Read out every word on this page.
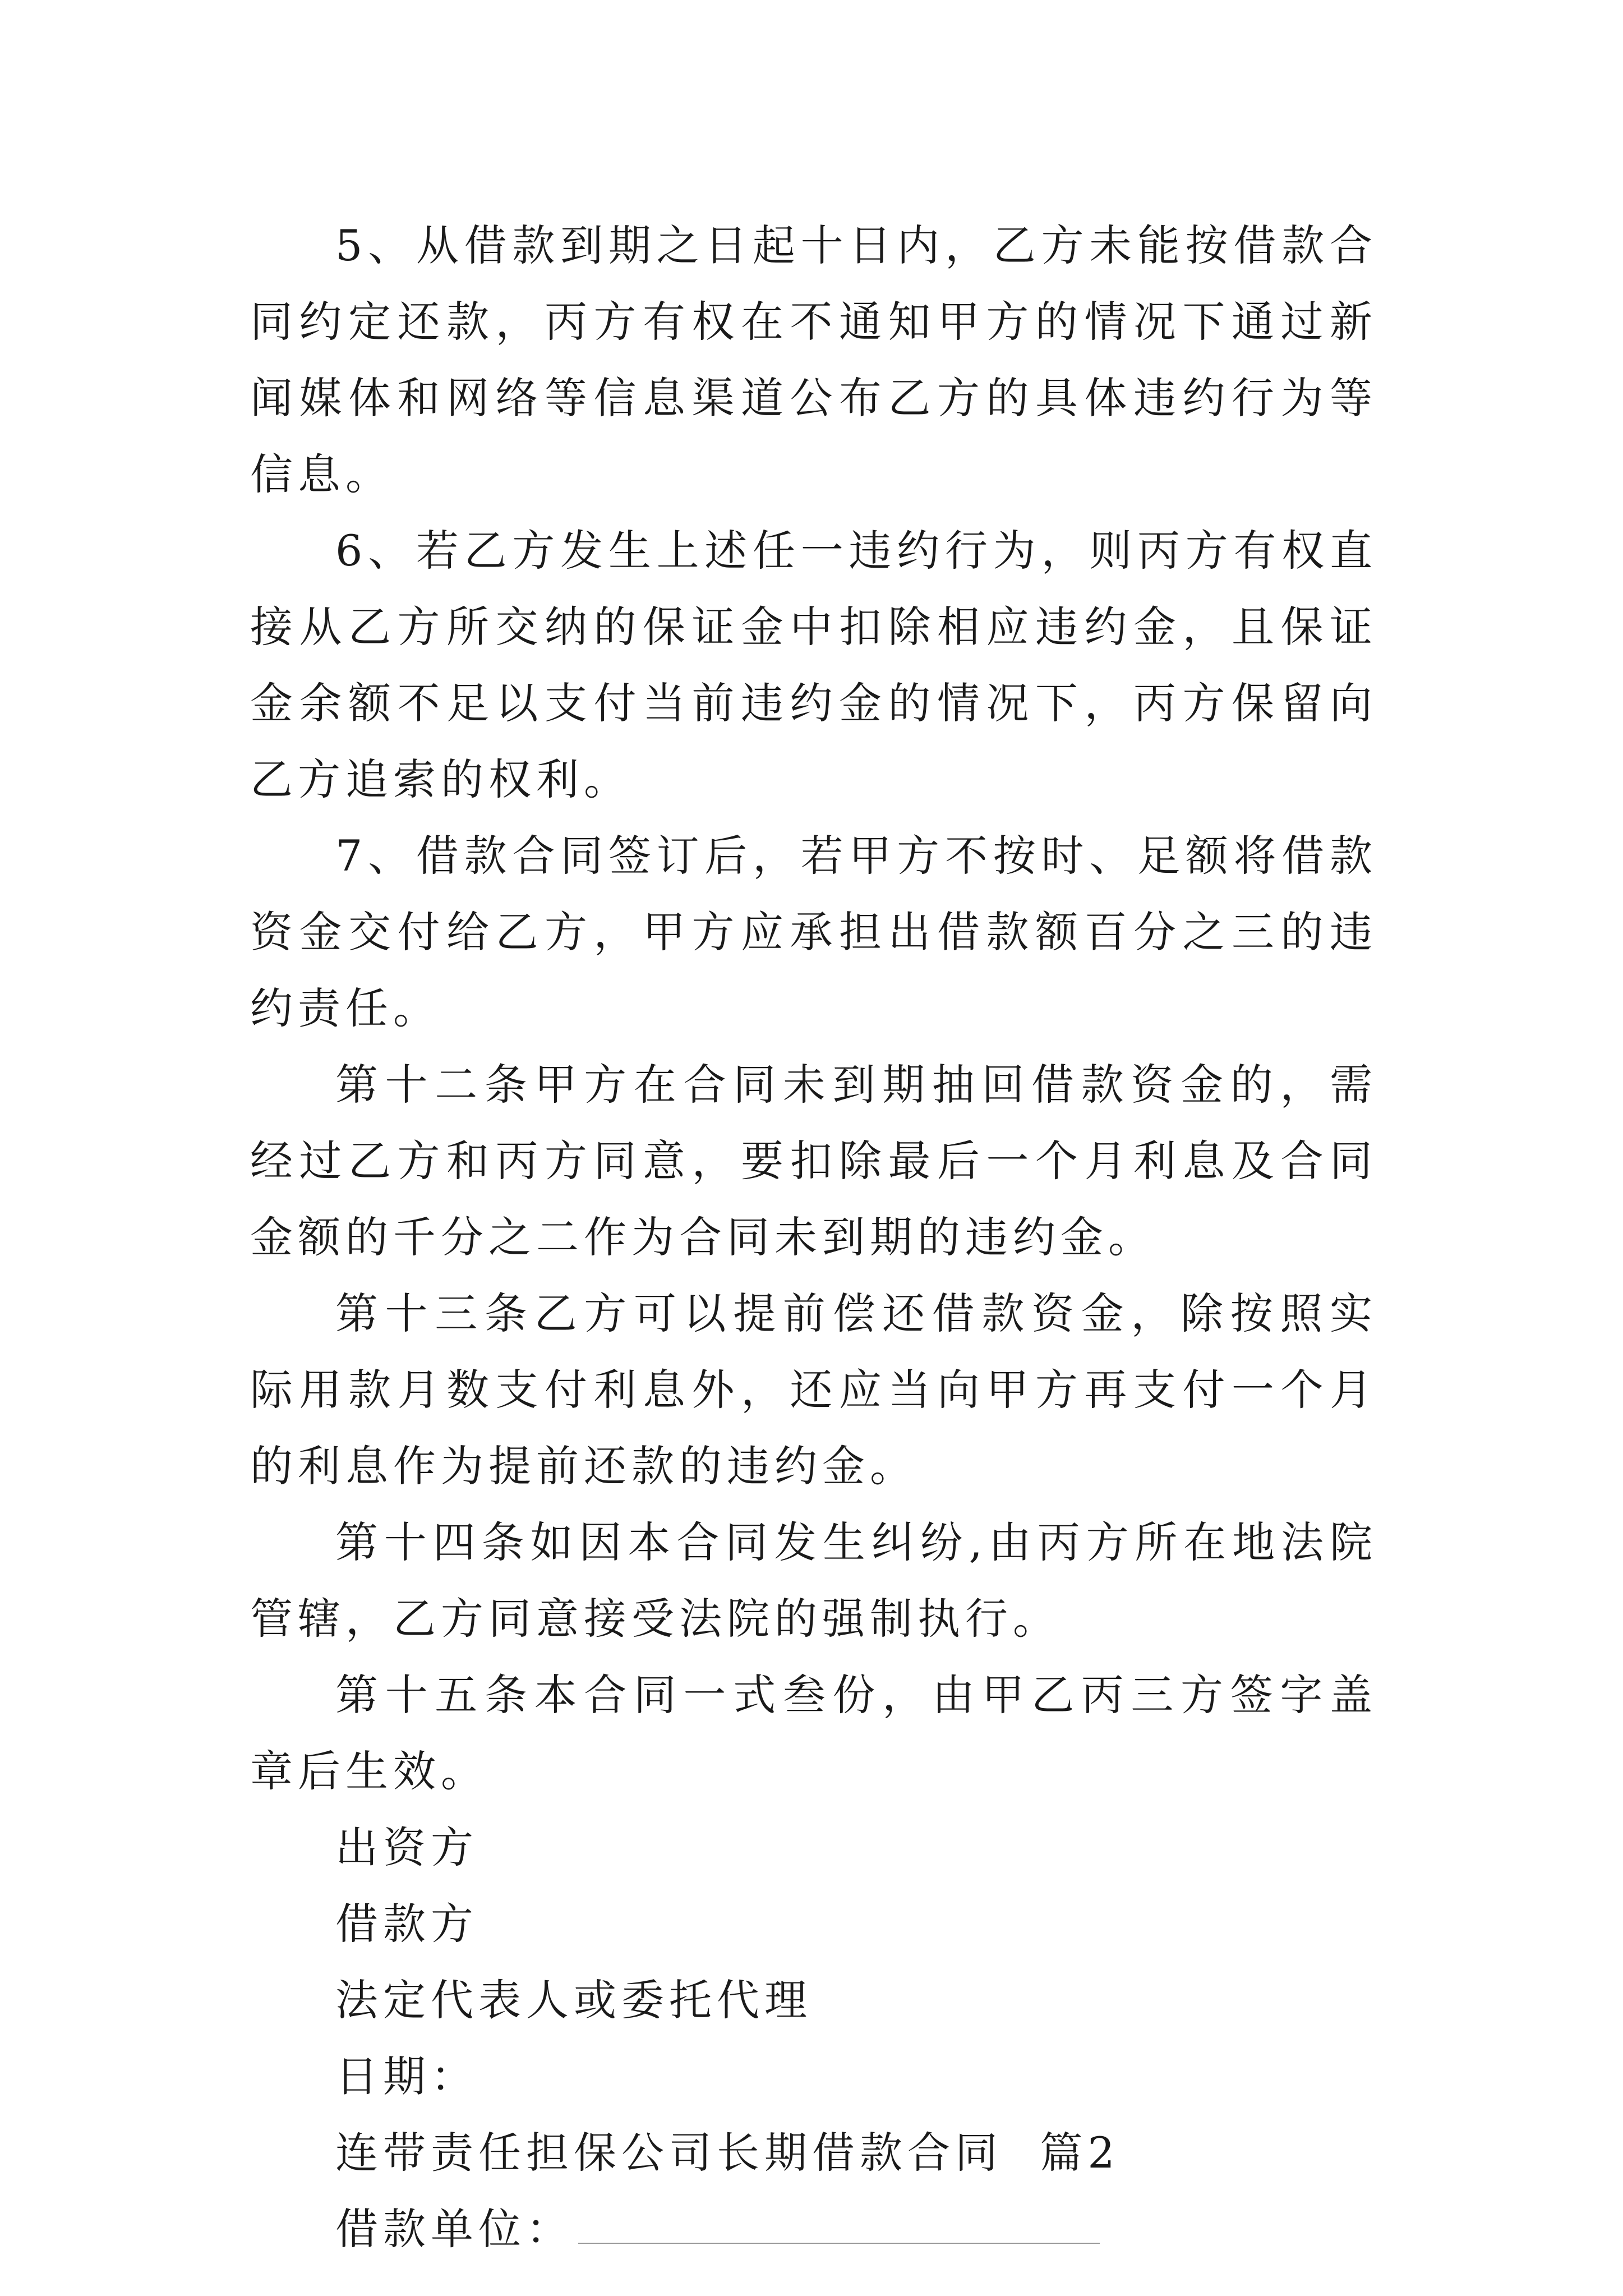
5、从借款到期之日起十日内，乙方未能按借款合同约定还款，丙方有权在不通知甲方的情况下通过新闻媒体和网络等信息渠道公布乙方的具体违约行为等信息。

6、若乙方发生上述任一违约行为，则丙方有权直接从乙方所交纳的保证金中扣除相应违约金，且保证金余额不足以支付当前违约金的情况下，丙方保留向乙方追索的权利。

7、借款合同签订后，若甲方不按时、足额将借款资金交付给乙方，甲方应承担出借款额百分之三的违约责任。

第十二条甲方在合同未到期抽回借款资金的，需经过乙方和丙方同意，要扣除最后一个月利息及合同金额的千分之二作为合同未到期的违约金。

第十三条乙方可以提前偿还借款资金，除按照实际用款月数支付利息外，还应当向甲方再支付一个月的利息作为提前还款的违约金。

第十四条如因本合同发生纠纷,由丙方所在地法院管辖，乙方同意接受法院的强制执行。

第十五条本合同一式叁份，由甲乙丙三方签字盖章后生效。

出资方

借款方

法定代表人或委托代理

日期：

连带责任担保公司长期借款合同  篇2

借款单位：
